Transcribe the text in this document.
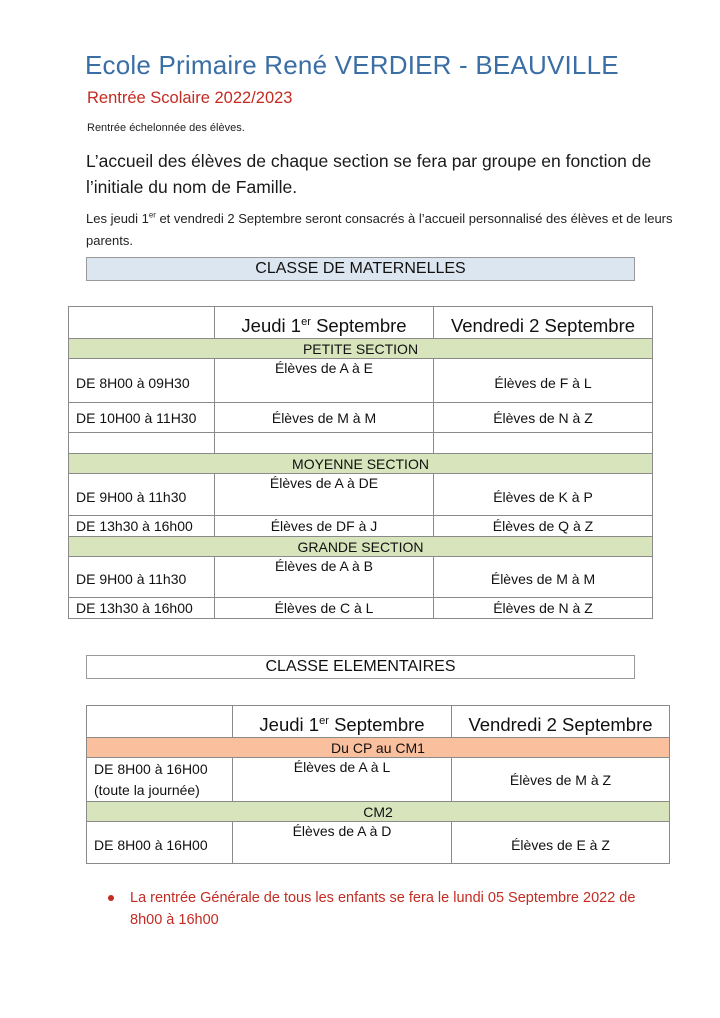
Ecole Primaire René VERDIER - BEAUVILLE
Rentrée Scolaire 2022/2023
Rentrée échelonnée des élèves.
L’accueil des élèves de chaque section se fera par groupe en fonction de l’initiale du nom de Famille.
Les jeudi 1er et vendredi 2 Septembre seront consacrés à l’accueil personnalisé des élèves et de leurs parents.
CLASSE DE MATERNELLES
	Jeudi 1er Septembre	Vendredi 2 Septembre
PETITE SECTION		
DE 8H00 à 09H30	Élèves de A à E	Élèves de F à L
DE 10H00 à 11H30	Élèves de M à M	Élèves de N à Z

MOYENNE SECTION		
DE 9H00 à 11h30	Élèves de A à DE	Élèves de K à P
DE 13h30 à 16h00	Élèves de DF à J	Élèves de Q à Z
GRANDE SECTION		
DE 9H00 à 11h30	Élèves de A à B	Élèves de M à M
DE 13h30 à 16h00	Élèves de C à L	Élèves de N à Z
CLASSE ELEMENTAIRES
	Jeudi 1er Septembre	Vendredi 2 Septembre
Du CP au CM1		
DE 8H00 à 16H00
(toute la journée)	Élèves de A à L	Élèves de M à Z
CM2		
DE 8H00 à 16H00	Élèves de A à D	Élèves de E à Z
La rentrée Générale de tous les enfants se fera le lundi 05 Septembre 2022 de 8h00 à 16h00
